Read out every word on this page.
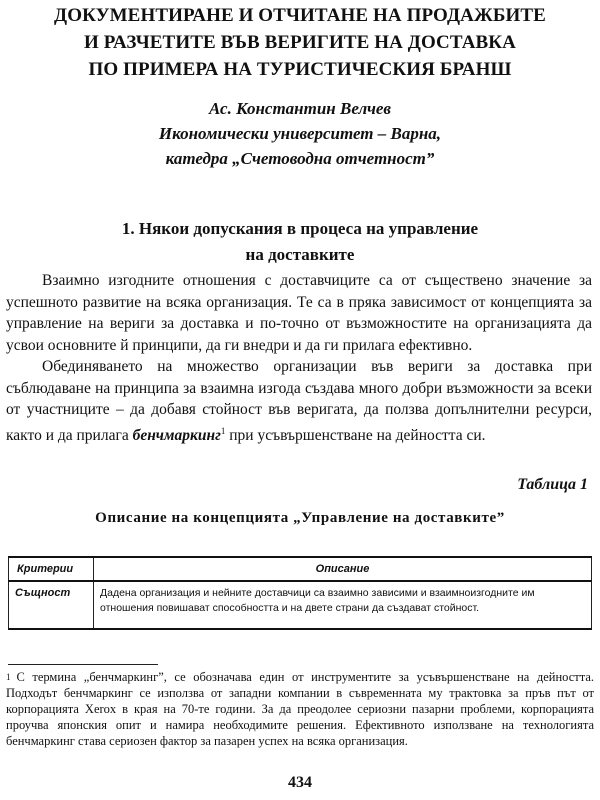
ДОКУМЕНТИРАНЕ И ОТЧИТАНЕ НА ПРОДАЖБИТЕ
И РАЗЧЕТИТЕ ВЪВ ВЕРИГИТЕ НА ДОСТАВКА
ПО ПРИМЕРА НА ТУРИСТИЧЕСКИЯ БРАНШ
Ас. Константин Велчев
Икономически университет – Варна,
катедра „Счетоводна отчетност”
1. Някои допускания в процеса на управление
на доставките

Взаимно изгодните отношения с доставчиците са от съществено значение за успешното развитие на всяка организация. Те са в пряка зависимост от концепцията за управление на вериги за доставка и по-точно от възможностите на организацията да усвои основните й принципи, да ги внедри и да ги прилага ефективно.

Обединяването на множество организации във вериги за доставка при съблюдаване на принципа за взаимна изгода създава много добри възможности за всеки от участниците – да добавя стойност във веригата, да ползва допълнителни ресурси, както и да прилага бенчмаркинг$^1$ при усъвършенстване на дейността си.

Таблица 1
Описание на концепцията „Управление на доставките”
Критерии	Описание
Същност	Дадена организация и нейните доставчици са взаимно зависими и взаимноизгодните им отношения повишават способността и на двете страни да създават стойност.
$^1$ С термина „бенчмаркинг”, се обозначава един от инструментите за усъвършенстване на дейността. Подходът бенчмаркинг се използва от западни компании в съвременната му трактовка за пръв път от корпорацията Xerox в края на 70-те години. За да преодолее сериозни пазарни проблеми, корпорацията проучва японския опит и намира необходимите решения. Ефективното използване на технологията бенчмаркинг става сериозен фактор за пазарен успех на всяка организация.
434
